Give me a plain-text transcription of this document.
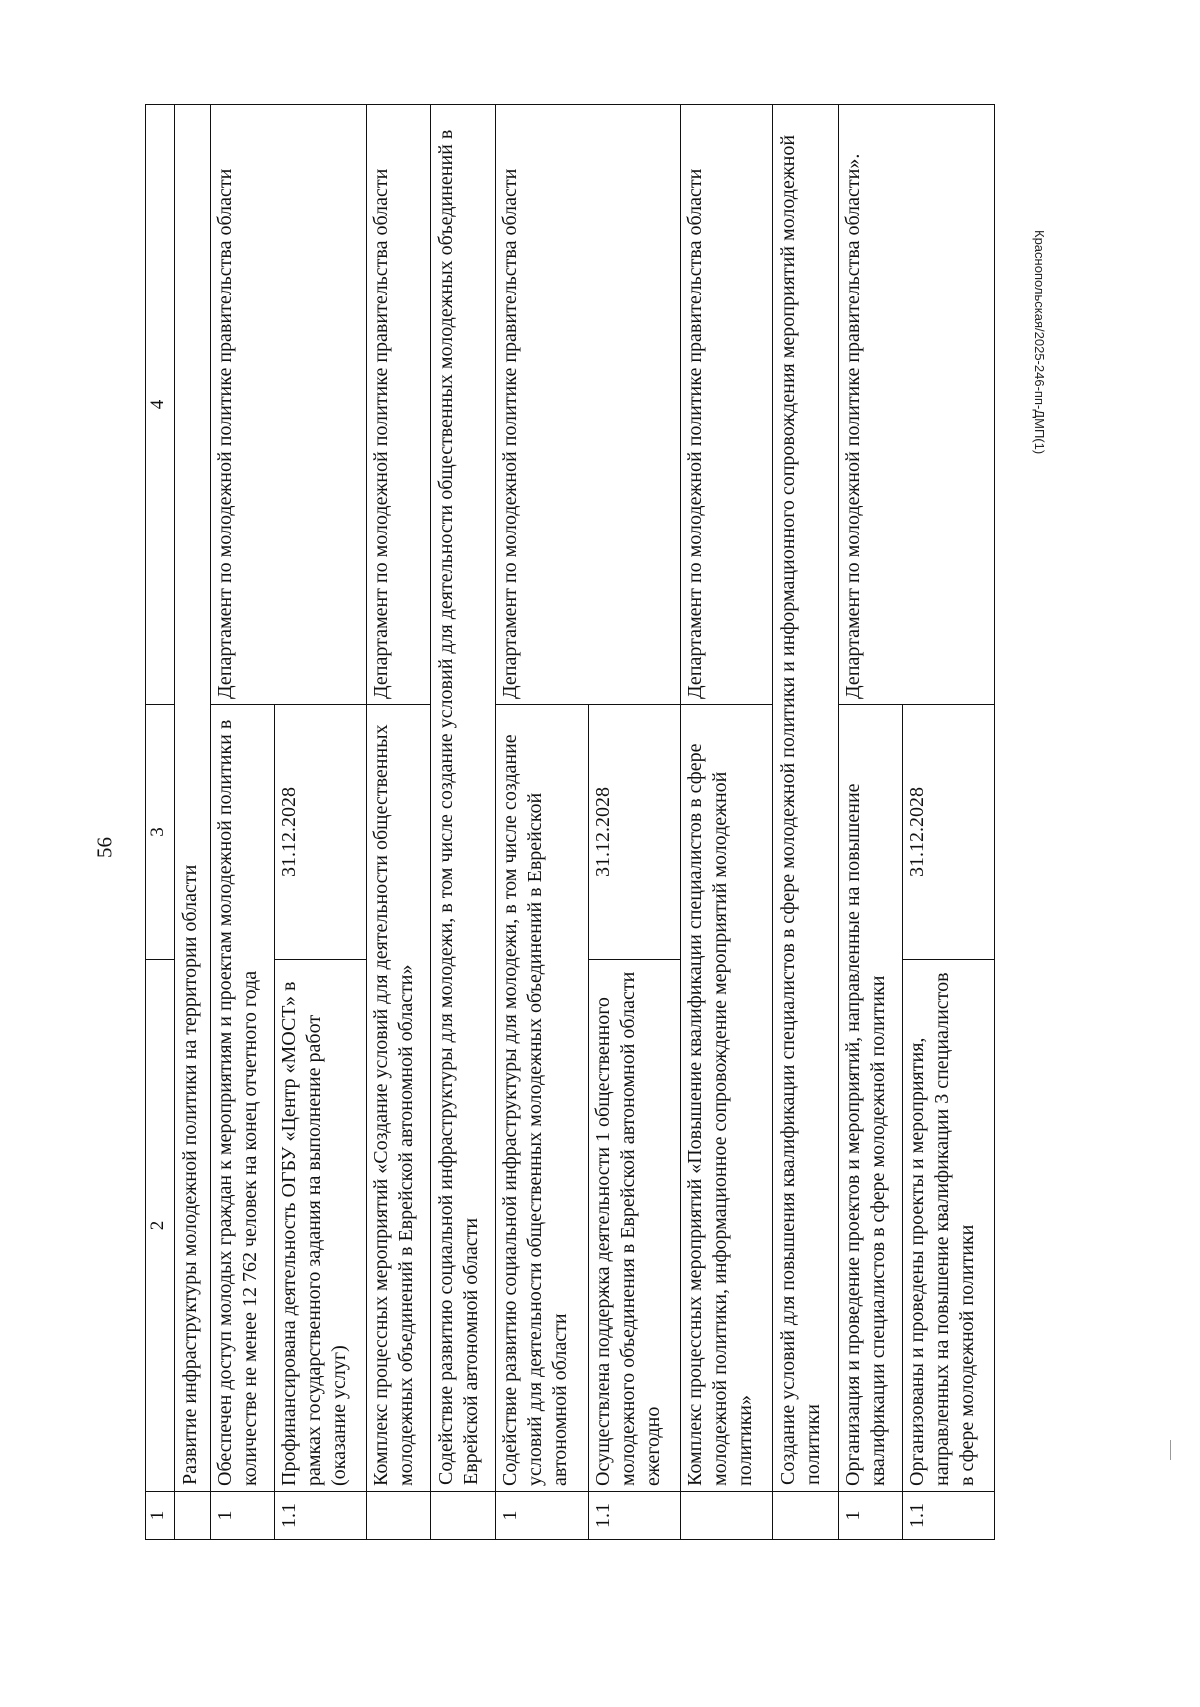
56
1	2	3	4
	Развитие инфраструктуры молодежной политики на территории области		
1	Обеспечен доступ молодых граждан к мероприятиям и проектам молодежной политики в количестве не менее 12 762 человек на конец отчетного года		Департамент по молодежной политике правительства области
1.1	Профинансирована деятельность ОГБУ «Центр «МОСТ» в рамках государственного задания на выполнение работ (оказание услуг)	31.12.2028	
	Комплекс процессных мероприятий «Создание условий для деятельности общественных молодежных объединений в Еврейской автономной области»		Департамент по молодежной политике правительства области
	Содействие развитию социальной инфраструктуры для молодежи, в том числе создание условий для деятельности общественных молодежных объединений в Еврейской автономной области		
1	Содействие развитию социальной инфраструктуры для молодежи, в том числе создание условий для деятельности общественных молодежных объединений в Еврейской автономной области		Департамент по молодежной политике правительства области
1.1	Осуществлена поддержка деятельности 1 общественного молодежного объединения в Еврейской автономной области ежегодно	31.12.2028	
	Комплекс процессных мероприятий «Повышение квалификации специалистов в сфере молодежной политики, информационное сопровождение мероприятий молодежной политики»		Департамент по молодежной политике правительства области
	Создание условий для повышения квалификации специалистов в сфере молодежной политики и информационного сопровождения мероприятий молодежной политики		
1	Организация и проведение проектов и мероприятий, направленные на повышение квалификации специалистов в сфере молодежной политики		Департамент по молодежной политике правительства области».
1.1	Организованы и проведены проекты и мероприятия, направленных на повышение квалификации 3 специалистов в сфере молодежной политики	31.12.2028	
Краснопольская/2025-246-пп-ДМП(1)
